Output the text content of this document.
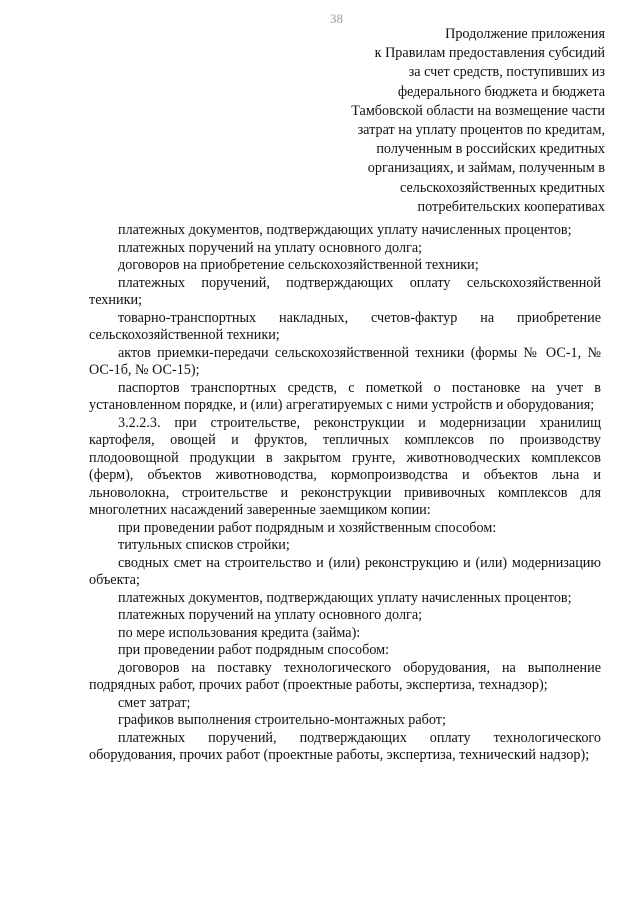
38
Продолжение приложения
к Правилам предоставления субсидий
за счет средств, поступивших из
федерального бюджета и бюджета
Тамбовской области на возмещение части
затрат на уплату процентов по кредитам,
полученным в российских кредитных
организациях, и займам, полученным в
сельскохозяйственных кредитных
потребительских кооперативах

платежных документов, подтверждающих уплату начисленных процентов;

платежных поручений на уплату основного долга;

договоров на приобретение сельскохозяйственной техники;

платежных поручений, подтверждающих оплату сельскохозяйственной техники;

товарно-транспортных накладных, счетов-фактур на приобретение сельскохозяйственной техники;

актов приемки-передачи сельскохозяйственной техники (формы № ОС-1, № ОС-1б, № ОС-15);

паспортов транспортных средств, с пометкой о постановке на учет в установленном порядке, и (или) агрегатируемых с ними устройств и оборудования;

3.2.2.3. при строительстве, реконструкции и модернизации хранилищ картофеля, овощей и фруктов, тепличных комплексов по производству плодоовощной продукции в закрытом грунте, животноводческих комплексов (ферм), объектов животноводства, кормопроизводства и объектов льна и льноволокна, строительстве и реконструкции прививочных комплексов для многолетних насаждений заверенные заемщиком копии:

при проведении работ подрядным и хозяйственным способом:

титульных списков стройки;

сводных смет на строительство и (или) реконструкцию и (или) модернизацию объекта;

платежных документов, подтверждающих уплату начисленных процентов;

платежных поручений на уплату основного долга;

по мере использования кредита (займа):

при проведении работ подрядным способом:

договоров на поставку технологического оборудования, на выполнение подрядных работ, прочих работ (проектные работы, экспертиза, технадзор);

смет затрат;

графиков выполнения строительно-монтажных работ;

платежных поручений, подтверждающих оплату технологического оборудования, прочих работ (проектные работы, экспертиза, технический надзор);
